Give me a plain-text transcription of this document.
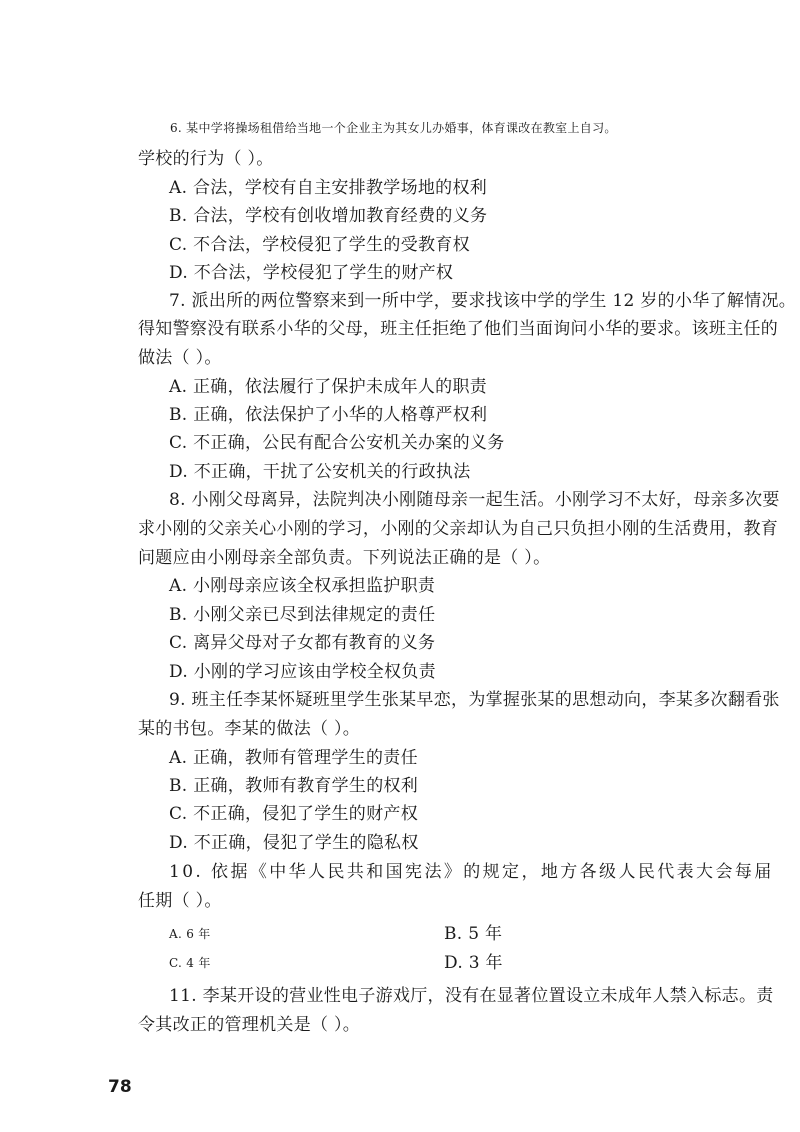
6. 某中学将操场租借给当地一个企业主为其女儿办婚事，体育课改在教室上自习。
学校的行为（ ）。
A. 合法，学校有自主安排教学场地的权利
B. 合法，学校有创收增加教育经费的义务
C. 不合法，学校侵犯了学生的受教育权
D. 不合法，学校侵犯了学生的财产权
7. 派出所的两位警察来到一所中学，要求找该中学的学生 12 岁的小华了解情况。
得知警察没有联系小华的父母，班主任拒绝了他们当面询问小华的要求。该班主任的
做法（ ）。
A. 正确，依法履行了保护未成年人的职责
B. 正确，依法保护了小华的人格尊严权利
C. 不正确，公民有配合公安机关办案的义务
D. 不正确，干扰了公安机关的行政执法
8. 小刚父母离异，法院判决小刚随母亲一起生活。小刚学习不太好，母亲多次要
求小刚的父亲关心小刚的学习，小刚的父亲却认为自己只负担小刚的生活费用，教育
问题应由小刚母亲全部负责。下列说法正确的是（ ）。
A. 小刚母亲应该全权承担监护职责
B. 小刚父亲已尽到法律规定的责任
C. 离异父母对子女都有教育的义务
D. 小刚的学习应该由学校全权负责
9. 班主任李某怀疑班里学生张某早恋，为掌握张某的思想动向，李某多次翻看张
某的书包。李某的做法（ ）。
A. 正确，教师有管理学生的责任
B. 正确，教师有教育学生的权利
C. 不正确，侵犯了学生的财产权
D. 不正确，侵犯了学生的隐私权
10. 依据《中华人民共和国宪法》的规定，地方各级人民代表大会每届
任期（ ）。
A. 6 年	B. 5 年
C. 4 年	D. 3 年
11. 李某开设的营业性电子游戏厅，没有在显著位置设立未成年人禁入标志。责
令其改正的管理机关是（ ）。
78
